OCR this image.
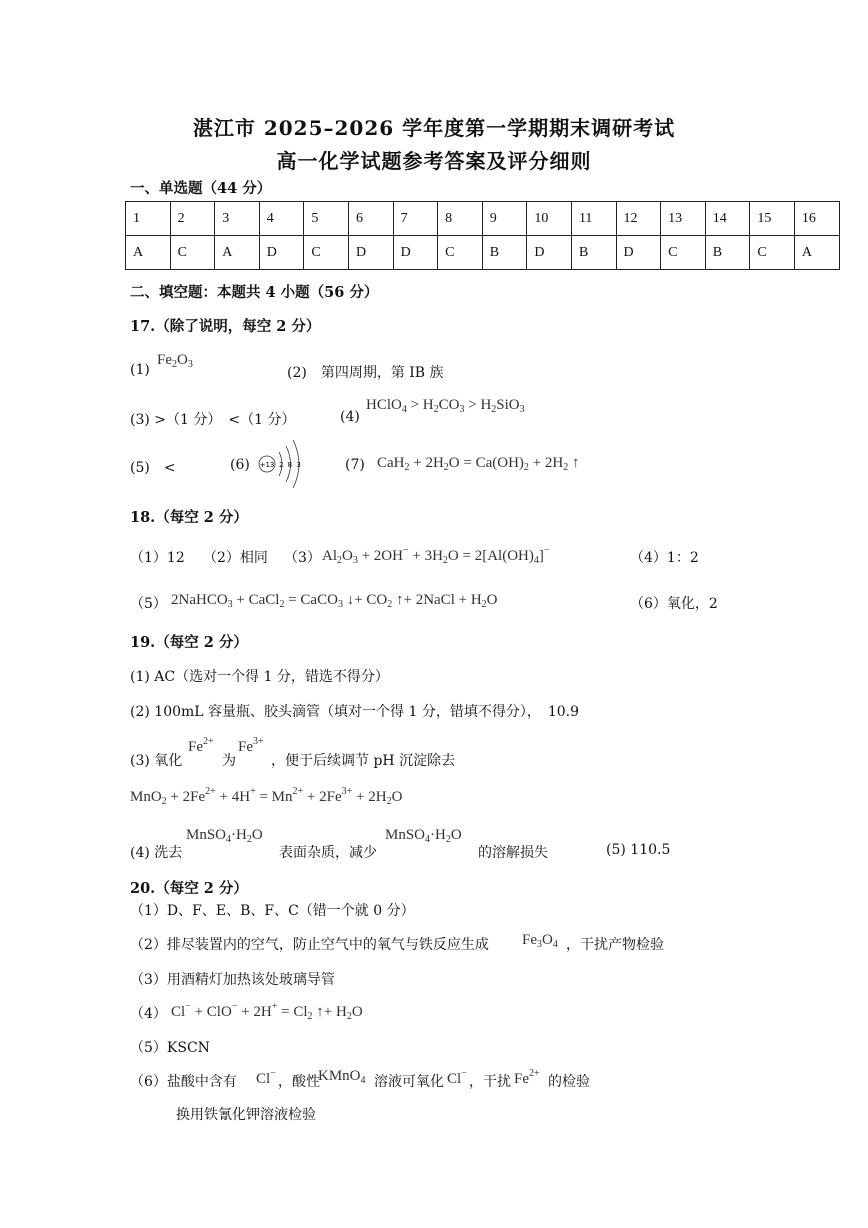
湛江市 2025–2026 学年度第一学期期末调研考试
高一化学试题参考答案及评分细则
一、单选题（44 分）
1	2	3	4	5	6	7	8	9	10	11	12	13	14	15	16
A	C	A	D	C	D	D	C	B	D	B	D	C	B	C	A
二、填空题：本题共 4 小题（56 分）
17.（除了说明，每空 2 分）
(1)
$Fe_2O_3$
(2)　第四周期，第 IB 族
(3) >（1 分）　<（1 分）	(4)
HClO$_4$ > $H_2CO_3 > H_2SiO_3$
(5)　<	(6) +13 2 8 3	(7) $CaH_2 + 2H_2O = Ca(OH)_2 + 2H_2$ ↑
18.（每空 2 分）
（1）12 （2）相同 （3） $Al_2O_3 + 2OH^- + 3H_2O = 2[Al(OH)_4]^-$	（4）1：2
（5） 2NaHCO$_3$ + CaCl$_2$ = CaCO$_3$ ↓+ $CO_2$ ↑+ 2NaCl + $H_2O$	（6）氧化，2
19.（每空 2 分）
(1) AC（选对一个得 1 分，错选不得分）
(2) 100mL 容量瓶、胶头滴管（填对一个得 1 分，错填不得分），　10.9
(3) 氧化
$Fe^{2+}$
为
$Fe^{3+}$
，便于后续调节 pH 沉淀除去
$MnO_2 + 2Fe^{2+} + 4H^+ = Mn^{2+} + 2Fe^{3+} + 2H_2O$
(4) 洗去
$MnSO_4\cdot H_2O$
表面杂质，减少
$MnSO_4\cdot H_2O$
的溶解损失	(5) 110.5
20.（每空 2 分）
（1）D、F、E、B、F、C（错一个就 0 分）
（2）排尽装置内的空气，防止空气中的氧气与铁反应生成 $Fe_3O_4$ ，干扰产物检验
（3）用酒精灯加热该处玻璃导管
（4） $Cl^- + ClO^- + 2H^+ = Cl_2$ ↑+ $H_2O$
（5）KSCN
（6）盐酸中含有 Cl−
，酸性
KMnO$_4$ 溶液可氧化 Cl−
，干扰 $Fe^{2+}$
的检验
换用铁氰化钾溶液检验
